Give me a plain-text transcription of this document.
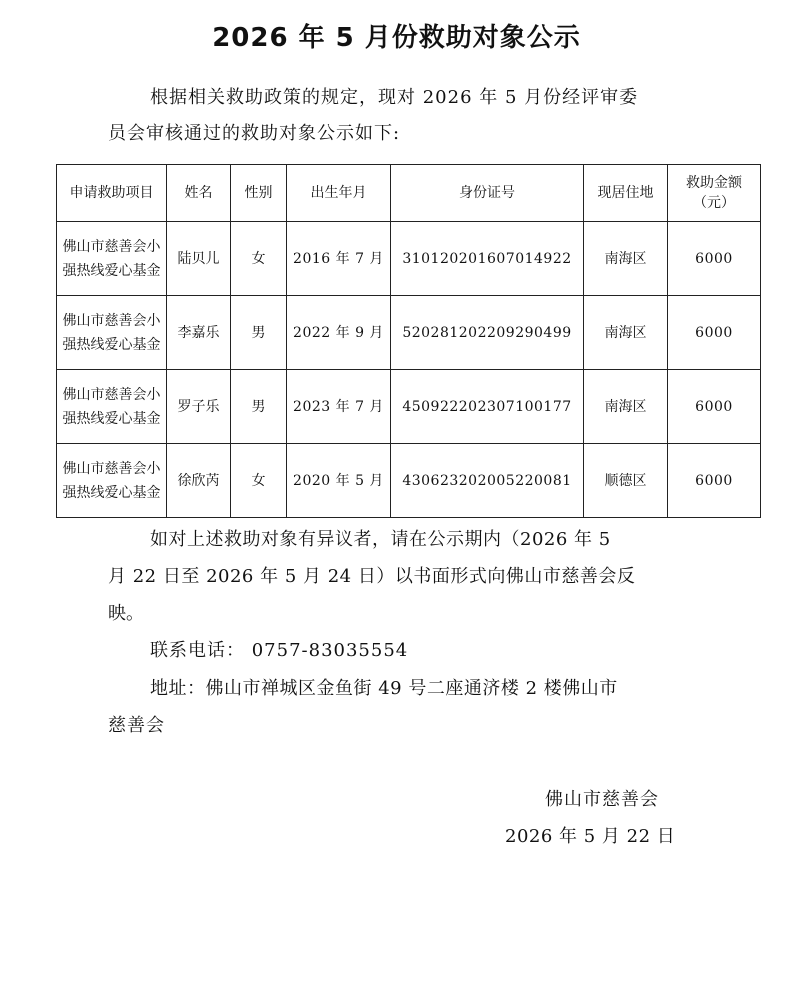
2026 年 5 月份救助对象公示
根据相关救助政策的规定，现对 2026 年 5 月份经评审委
员会审核通过的救助对象公示如下:
申请救助项目	姓名	性别	出生年月	身份证号	现居住地	救助金额
（元）
佛山市慈善会小强热线爱心基金	陆贝儿	女	2016 年 7 月	310120201607014922	南海区	6000
佛山市慈善会小强热线爱心基金	李嘉乐	男	2022 年 9 月	520281202209290499	南海区	6000
佛山市慈善会小强热线爱心基金	罗子乐	男	2023 年 7 月	450922202307100177	南海区	6000
佛山市慈善会小强热线爱心基金	徐欣芮	女	2020 年 5 月	430623202005220081	顺德区	6000
如对上述救助对象有异议者，请在公示期内（2026 年 5
月 22 日至 2026 年 5 月 24 日）以书面形式向佛山市慈善会反
映。
联系电话： 0757-83035554
地址：佛山市禅城区金鱼街 49 号二座通济楼 2 楼佛山市
慈善会
佛山市慈善会
2026 年 5 月 22 日
